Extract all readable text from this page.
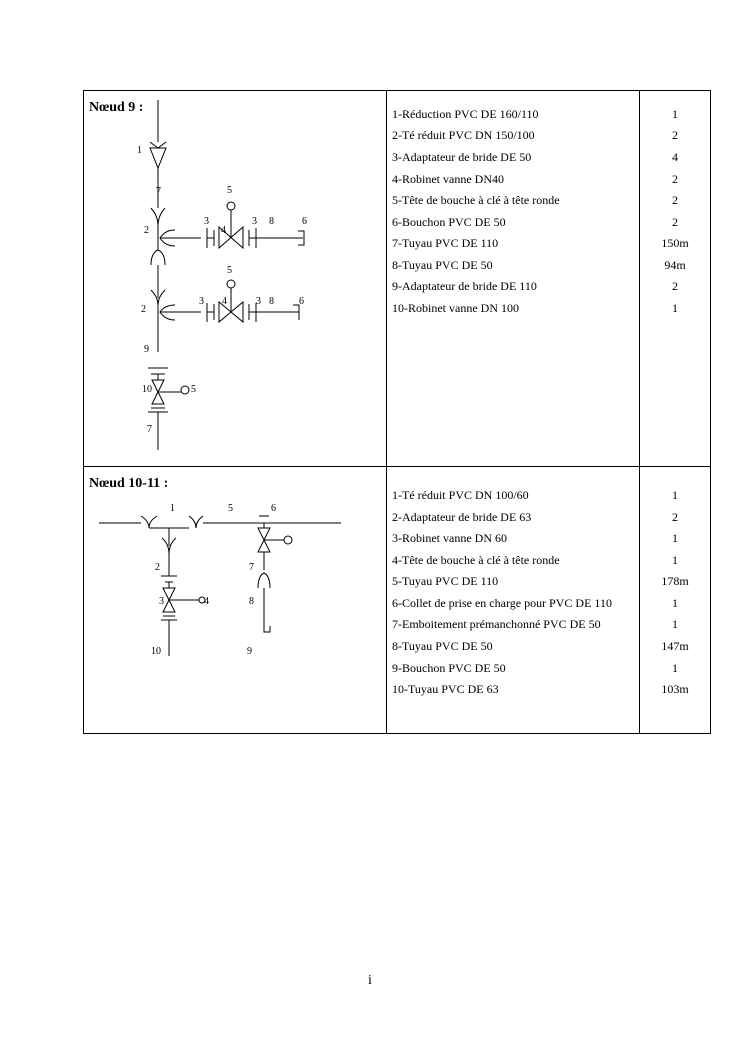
Nœud 9 :
1
7	5
3
4
3 8	6
2
5
3 4	3 8	6
2
9
10	5
7
1-Réduction PVC DE 160/110	1
2-Té réduit PVC DN 150/100	2
3-Adaptateur de bride DE 50	4
4-Robinet vanne DN40	2
5-Tête de bouche à clé à tête ronde	2
6-Bouchon PVC DE 50	2
7-Tuyau PVC DE 110	150m
8-Tuyau PVC DE 50	94m
9-Adaptateur de bride DE 110	2
10-Robinet vanne DN 100	1
Nœud 10-11 :
1	5	6
2	7
3	4	8
10	9
1-Té réduit PVC DN 100/60	1
2-Adaptateur de bride DE 63	2
3-Robinet vanne DN 60	1
4-Tête de bouche à clé à tête ronde	1
5-Tuyau PVC DE 110	178m
6-Collet de prise en charge pour PVC DE 110	1
7-Emboitement prémanchonné PVC DE 50	1
8-Tuyau PVC DE 50	147m
9-Bouchon PVC DE 50	1
10-Tuyau PVC DE 63	103m
i
